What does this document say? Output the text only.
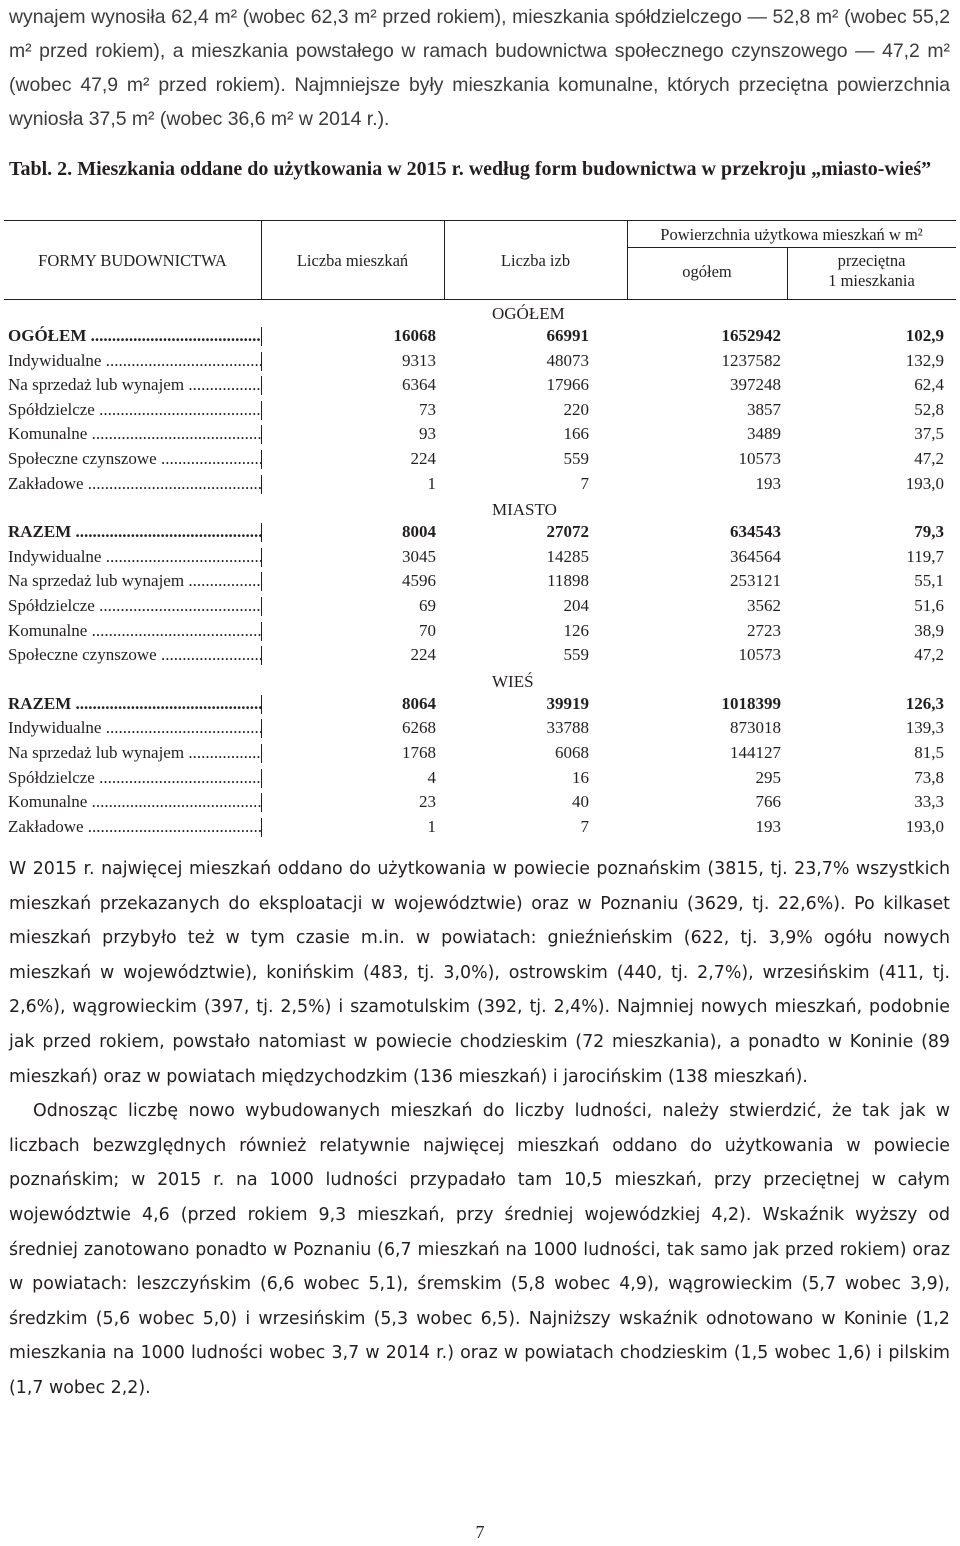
wynajem wynosiła 62,4 m² (wobec 62,3 m² przed rokiem), mieszkania spółdzielczego — 52,8 m² (wobec 55,2 m² przed rokiem), a mieszkania powstałego w ramach budownictwa społecznego czynszowego — 47,2 m² (wobec 47,9 m² przed rokiem). Najmniejsze były mieszkania komunalne, których przeciętna powierzchnia wyniosła 37,5 m² (wobec 36,6 m² w 2014 r.).

Tabl. 2. Mieszkania oddane do użytkowania w 2015 r. według form budownictwa w przekroju „miasto-wieś”
FORMY BUDOWNICTWA	Liczba mieszkań	Liczba izb
Powierzchnia użytkowa mieszkań w m²
ogółem
przeciętna
1 mieszkania
OGÓŁEM
OGÓŁEM .....	16068	66991	1652942	102,9
Indywidualne .....	9313	48073	1237582	132,9
Na sprzedaż lub wynajem .....	6364	17966	397248	62,4
Spółdzielcze .....	73	220	3857	52,8
Komunalne .....	93	166	3489	37,5
Społeczne czynszowe .....	224	559	10573	47,2
Zakładowe .....	1	7	193	193,0
MIASTO
RAZEM .....	8004	27072	634543	79,3
Indywidualne .....	3045	14285	364564	119,7
Na sprzedaż lub wynajem .....	4596	11898	253121	55,1
Spółdzielcze .....	69	204	3562	51,6
Komunalne .....	70	126	2723	38,9
Społeczne czynszowe .....	224	559	10573	47,2
WIEŚ
RAZEM .....	8064	39919	1018399	126,3
Indywidualne .....	6268	33788	873018	139,3
Na sprzedaż lub wynajem .....	1768	6068	144127	81,5
Spółdzielcze .....	4	16	295	73,8
Komunalne .....	23	40	766	33,3
Zakładowe .....	1	7	193	193,0

W 2015 r. najwięcej mieszkań oddano do użytkowania w powiecie poznańskim (3815, tj. 23,7% wszystkich mieszkań przekazanych do eksploatacji w województwie) oraz w Poznaniu (3629, tj. 22,6%). Po kilkaset mieszkań przybyło też w tym czasie m.in. w powiatach: gnieźnieńskim (622, tj. 3,9% ogółu nowych mieszkań w województwie), konińskim (483, tj. 3,0%), ostrowskim (440, tj. 2,7%), wrzesińskim (411, tj. 2,6%), wągrowieckim (397, tj. 2,5%) i szamotulskim (392, tj. 2,4%). Najmniej nowych mieszkań, podobnie jak przed rokiem, powstało natomiast w powiecie chodzieskim (72 mieszkania), a ponadto w Koninie (89 mieszkań) oraz w powiatach międzychodzkim (136 mieszkań) i jarocińskim (138 mieszkań).

Odnosząc liczbę nowo wybudowanych mieszkań do liczby ludności, należy stwierdzić, że tak jak w liczbach bezwzględnych również relatywnie najwięcej mieszkań oddano do użytkowania w powiecie poznańskim; w 2015 r. na 1000 ludności przypadało tam 10,5 mieszkań, przy przeciętnej w całym województwie 4,6 (przed rokiem 9,3 mieszkań, przy średniej wojewódzkiej 4,2). Wskaźnik wyższy od średniej zanotowano ponadto w Poznaniu (6,7 mieszkań na 1000 ludności, tak samo jak przed rokiem) oraz w powiatach: leszczyńskim (6,6 wobec 5,1), śremskim (5,8 wobec 4,9), wągrowieckim (5,7 wobec 3,9), średzkim (5,6 wobec 5,0) i wrzesińskim (5,3 wobec 6,5). Najniższy wskaźnik odnotowano w Koninie (1,2 mieszkania na 1000 ludności wobec 3,7 w 2014 r.) oraz w powiatach chodzieskim (1,5 wobec 1,6) i pilskim (1,7 wobec 2,2).

7
